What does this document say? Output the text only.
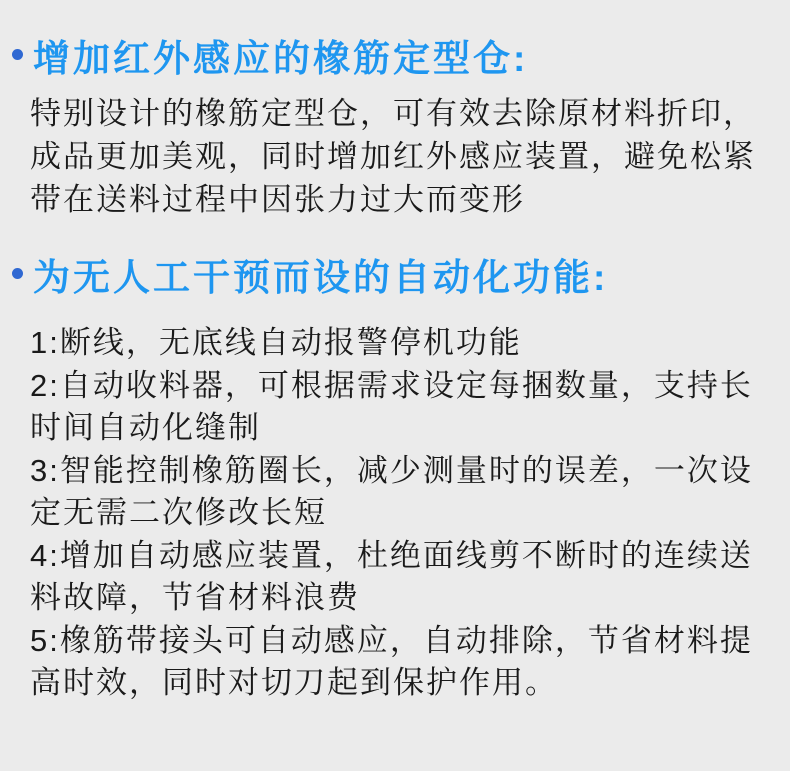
增加红外感应的橡筋定型仓:
特别设计的橡筋定型仓，可有效去除原材料折印，
成品更加美观，同时增加红外感应装置，避免松紧
带在送料过程中因张力过大而变形
为无人工干预而设的自动化功能:
1:断线，无底线自动报警停机功能
2:自动收料器，可根据需求设定每捆数量，支持长
时间自动化缝制
3:智能控制橡筋圈长，减少测量时的误差，一次设
定无需二次修改长短
4:增加自动感应装置，杜绝面线剪不断时的连续送
料故障，节省材料浪费
5:橡筋带接头可自动感应，自动排除，节省材料提
高时效，同时对切刀起到保护作用。
